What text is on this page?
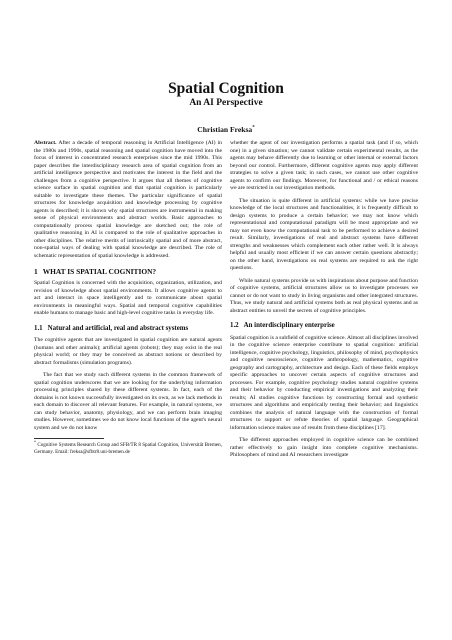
Spatial Cognition
An AI Perspective
Christian Freksa*

Abstract. After a decade of temporal reasoning in Artificial Intelligence (AI) in the 1980s and 1990s, spatial reasoning and spatial cognition have moved into the focus of interest in concentrated research enterprises since the mid 1990s. This paper describes the interdisciplinary research area of spatial cognition from an artificial intelligence perspective and motivates the interest in the field and the challenges from a cognitive perspective. It argues that all themes of cognitive science surface in spatial cognition and that spatial cognition is particularly suitable to investigate these themes. The particular significance of spatial structures for knowledge acquisition and knowledge processing by cognitive agents is described; it is shown why spatial structures are instrumental in making sense of physical environments and abstract worlds. Basic approaches to computationally process spatial knowledge are sketched out; the role of qualitative reasoning in AI is compared to the role of qualitative approaches in other disciplines. The relative merits of intrinsically spatial and of more abstract, non-spatial ways of dealing with spatial knowledge are described. The role of schematic representation of spatial knowledge is addressed.

1 WHAT IS SPATIAL COGNITION?

Spatial Cognition is concerned with the acquisition, organization, utilization, and revision of knowledge about spatial environments. It allows cognitive agents to act and interact in space intelligently and to communicate about spatial environments in meaningful ways. Spatial and temporal cognitive capabilities enable humans to manage basic and high-level cognitive tasks in everyday life.

1.1 Natural and artificial, real and abstract systems

The cognitive agents that are investigated in spatial cognition are natural agents (humans and other animals); artificial agents (robots); they may exist in the real physical world; or they may be conceived as abstract notions or described by abstract formalisms (simulation programs).

The fact that we study such different systems in the common framework of spatial cognition underscores that we are looking for the underlying information processing principles shared by these different systems. In fact, each of the domains is not known successfully investigated on its own, as we lack methods in each domain to discover all relevant features. For example, in natural systems, we can study behavior, anatomy, physiology, and we can perform brain imaging studies. However, sometimes we do not know local functions of the agent's neural system and we do not know

* Cognitive Systems Research Group and SFB/TR 8 Spatial Cognition, Universität Bremen, Germany. Email: freksa@sfbtr8.uni-bremen.de

whether the agent of our investigation performs a spatial task (and if so, which one) in a given situation; we cannot validate certain experimental results, as the agents may behave differently due to learning or other internal or external factors beyond our control. Furthermore, different cognitive agents may apply different strategies to solve a given task; in such cases, we cannot use other cognitive agents to confirm our findings. Moreover, for functional and / or ethical reasons we are restricted in our investigation methods.

The situation is quite different in artificial systems: while we have precise knowledge of the local structures and functionalities, it is frequently difficult to design systems to produce a certain behavior; we may not know which representational and computational paradigm will be most appropriate and we may not even know the computational task to be performed to achieve a desired result. Similarly, investigations of real and abstract systems have different strengths and weaknesses which complement each other rather well. It is always helpful and usually most efficient if we can answer certain questions abstractly; on the other hand, investigations on real systems are required to ask the right questions.

While natural systems provide us with inspirations about purpose and function of cognitive systems, artificial structures allow us to investigate processes we cannot or do not want to study in living organisms and other integrated structures. Thus, we study natural and artificial systems both as real physical systems and as abstract entities to unveil the secrets of cognitive principles.

1.2 An interdisciplinary enterprise

Spatial cognition is a subfield of cognitive science. Almost all disciplines involved in the cognitive science enterprise contribute to spatial cognition: artificial intelligence, cognitive psychology, linguistics, philosophy of mind, psychophysics and cognitive neuroscience, cognitive anthropology, mathematics, cognitive geography and cartography, architecture and design. Each of these fields employs specific approaches to uncover certain aspects of cognitive structures and processes. For example, cognitive psychology studies natural cognitive systems and their behavior by conducting empirical investigations and analyzing their results; AI studies cognitive functions by constructing formal and synthetic structures and algorithms and empirically testing their behavior; and linguistics combines the analysis of natural language with the construction of formal structures to support or refute theories of spatial language. Geographical information science makes use of results from these disciplines [17].

The different approaches employed in cognitive science can be combined rather effectively to gain insight into complete cognitive mechanisms. Philosophers of mind and AI researchers investigate
